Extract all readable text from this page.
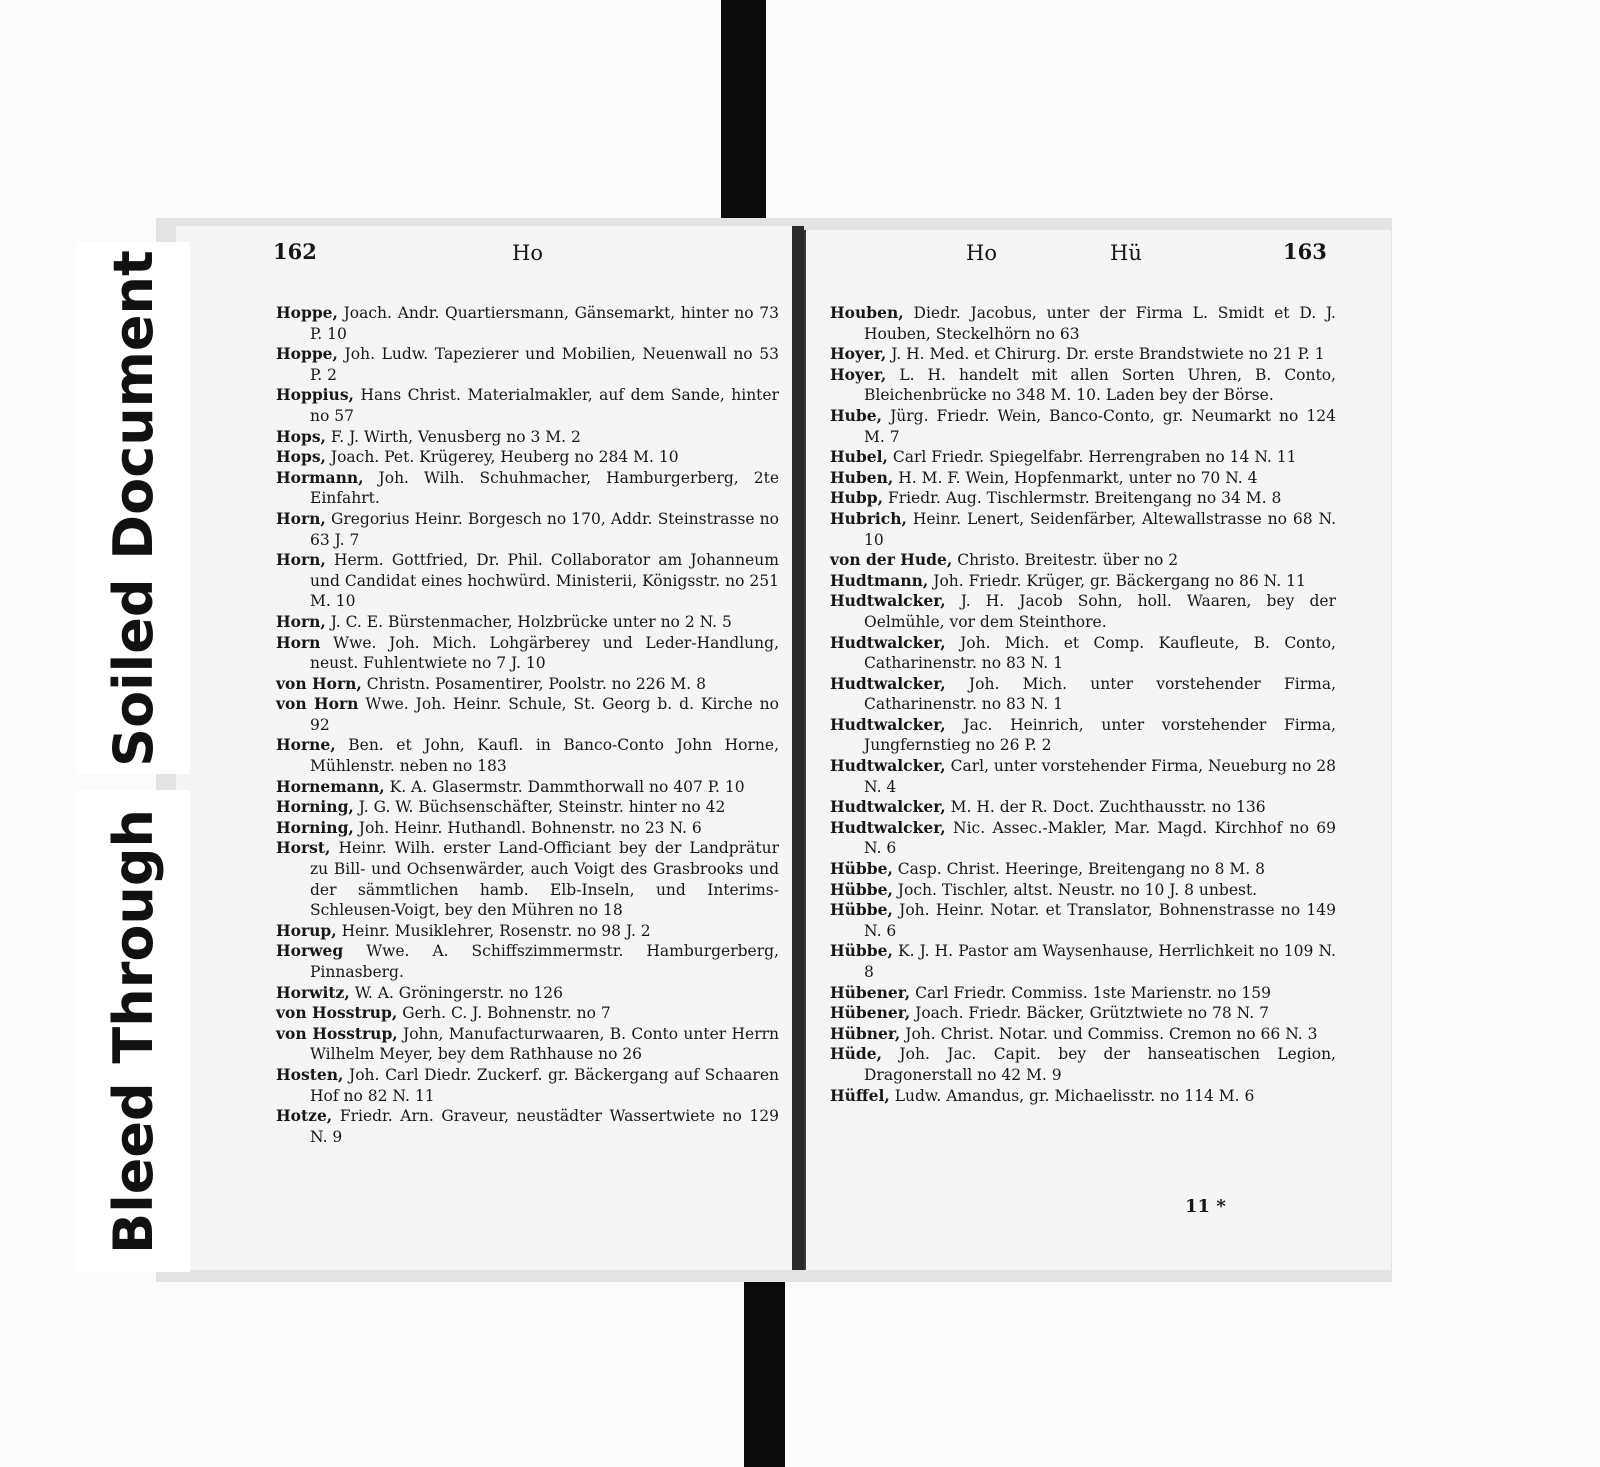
Soiled Document
Bleed Through
162	Ho	Ho	Hü	163

Hoppe, Joach. Andr. Quartiersmann, Gänsemarkt, hinter no 73 P. 10

Hoppe, Joh. Ludw. Tapezierer und Mobilien, Neuenwall no 53 P. 2

Hoppius, Hans Christ. Materialmakler, auf dem Sande, hinter no 57

Hops, F. J. Wirth, Venusberg no 3 M. 2

Hops, Joach. Pet. Krügerey, Heuberg no 284 M. 10

Hormann, Joh. Wilh. Schuhmacher, Hamburgerberg, 2te Einfahrt.

Horn, Gregorius Heinr. Borgesch no 170, Addr. Steinstrasse no 63 J. 7

Horn, Herm. Gottfried, Dr. Phil. Collaborator am Johanneum und Candidat eines hochwürd. Ministerii, Königsstr. no 251 M. 10

Horn, J. C. E. Bürstenmacher, Holzbrücke unter no 2 N. 5

Horn Wwe. Joh. Mich. Lohgärberey und Leder-Handlung, neust. Fuhlentwiete no 7 J. 10

von Horn, Christn. Posamentirer, Poolstr. no 226 M. 8

von Horn Wwe. Joh. Heinr. Schule, St. Georg b. d. Kirche no 92

Horne, Ben. et John, Kaufl. in Banco-Conto John Horne, Mühlenstr. neben no 183

Hornemann, K. A. Glasermstr. Dammthorwall no 407 P. 10

Horning, J. G. W. Büchsenschäfter, Steinstr. hinter no 42

Horning, Joh. Heinr. Huthandl. Bohnenstr. no 23 N. 6

Horst, Heinr. Wilh. erster Land-Officiant bey der Landprätur zu Bill- und Ochsenwärder, auch Voigt des Grasbrooks und der sämmtlichen hamb. Elb-Inseln, und Interims-Schleusen-Voigt, bey den Mühren no 18

Horup, Heinr. Musiklehrer, Rosenstr. no 98 J. 2

Horweg Wwe. A. Schiffszimmermstr. Hamburgerberg, Pinnasberg.

Horwitz, W. A. Gröningerstr. no 126

von Hosstrup, Gerh. C. J. Bohnenstr. no 7

von Hosstrup, John, Manufacturwaaren, B. Conto unter Herrn Wilhelm Meyer, bey dem Rathhause no 26

Hosten, Joh. Carl Diedr. Zuckerf. gr. Bäckergang auf Schaaren Hof no 82 N. 11

Hotze, Friedr. Arn. Graveur, neustädter Wassertwiete no 129 N. 9

Houben, Diedr. Jacobus, unter der Firma L. Smidt et D. J. Houben, Steckelhörn no 63

Hoyer, J. H. Med. et Chirurg. Dr. erste Brandstwiete no 21 P. 1

Hoyer, L. H. handelt mit allen Sorten Uhren, B. Conto, Bleichenbrücke no 348 M. 10. Laden bey der Börse.

Hube, Jürg. Friedr. Wein, Banco-Conto, gr. Neumarkt no 124 M. 7

Hubel, Carl Friedr. Spiegelfabr. Herrengraben no 14 N. 11

Huben, H. M. F. Wein, Hopfenmarkt, unter no 70 N. 4

Hubp, Friedr. Aug. Tischlermstr. Breitengang no 34 M. 8

Hubrich, Heinr. Lenert, Seidenfärber, Altewallstrasse no 68 N. 10

von der Hude, Christo. Breitestr. über no 2

Hudtmann, Joh. Friedr. Krüger, gr. Bäckergang no 86 N. 11

Hudtwalcker, J. H. Jacob Sohn, holl. Waaren, bey der Oelmühle, vor dem Steinthore.

Hudtwalcker, Joh. Mich. et Comp. Kaufleute, B. Conto, Catharinenstr. no 83 N. 1

Hudtwalcker, Joh. Mich. unter vorstehender Firma, Catharinenstr. no 83 N. 1

Hudtwalcker, Jac. Heinrich, unter vorstehender Firma, Jungfernstieg no 26 P. 2

Hudtwalcker, Carl, unter vorstehender Firma, Neueburg no 28 N. 4

Hudtwalcker, M. H. der R. Doct. Zuchthausstr. no 136

Hudtwalcker, Nic. Assec.-Makler, Mar. Magd. Kirchhof no 69 N. 6

Hübbe, Casp. Christ. Heeringe, Breitengang no 8 M. 8

Hübbe, Joch. Tischler, altst. Neustr. no 10 J. 8 unbest.

Hübbe, Joh. Heinr. Notar. et Translator, Bohnenstrasse no 149 N. 6

Hübbe, K. J. H. Pastor am Waysenhause, Herrlichkeit no 109 N. 8

Hübener, Carl Friedr. Commiss. 1ste Marienstr. no 159

Hübener, Joach. Friedr. Bäcker, Grütztwiete no 78 N. 7

Hübner, Joh. Christ. Notar. und Commiss. Cremon no 66 N. 3

Hüde, Joh. Jac. Capit. bey der hanseatischen Legion, Dragonerstall no 42 M. 9

Hüffel, Ludw. Amandus, gr. Michaelisstr. no 114 M. 6

11 *
